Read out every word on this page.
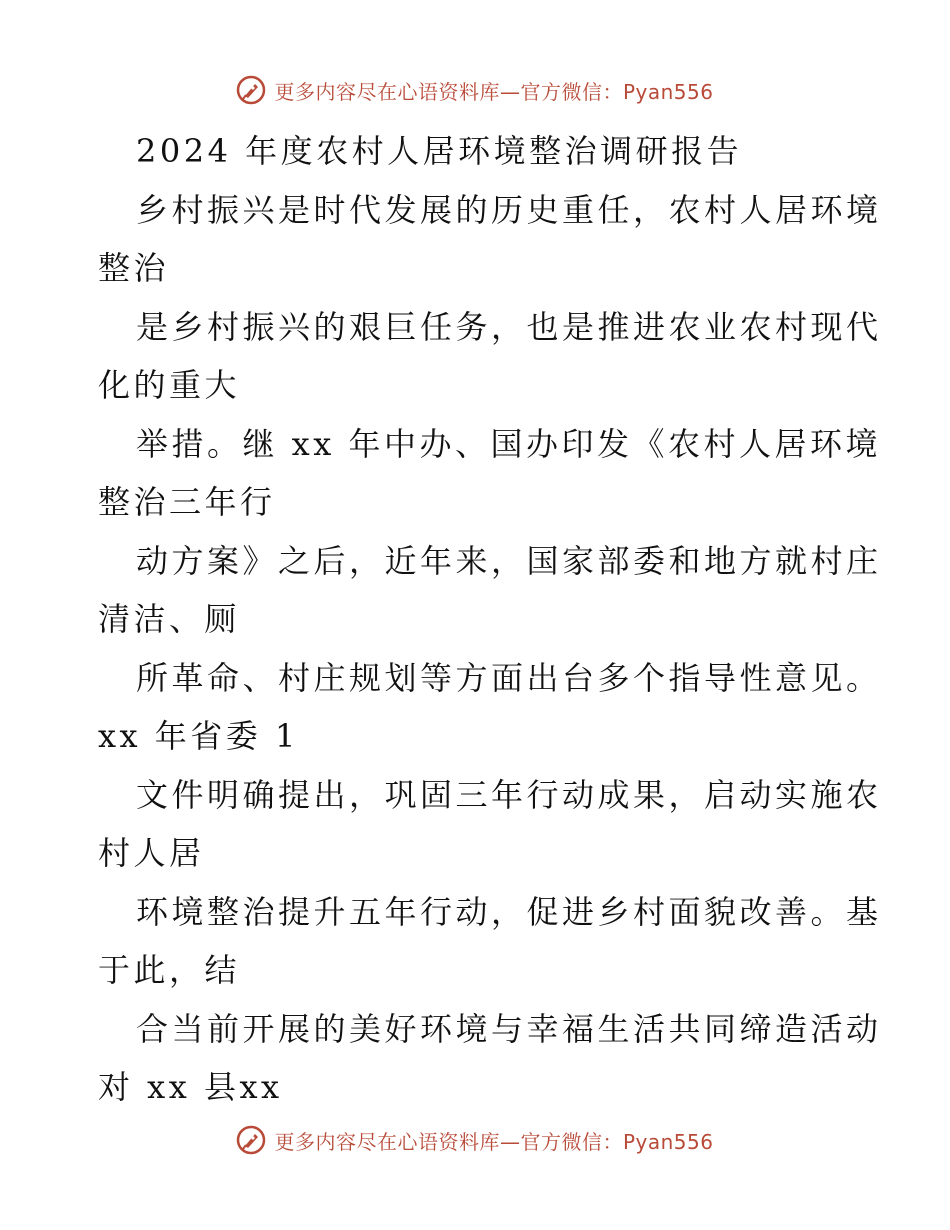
更多内容尽在心语资料库—官方微信：Pyan556
2024 年度农村人居环境整治调研报告
乡村振兴是时代发展的历史重任，农村人居环境
整治
是乡村振兴的艰巨任务，也是推进农业农村现代
化的重大
举措。继 xx 年中办、国办印发《农村人居环境
整治三年行
动方案》之后，近年来，国家部委和地方就村庄
清洁、厕
所革命、村庄规划等方面出台多个指导性意见。
xx 年省委 1
文件明确提出，巩固三年行动成果，启动实施农
村人居
环境整治提升五年行动，促进乡村面貌改善。基
于此，结
合当前开展的美好环境与幸福生活共同缔造活动
对 xx 县xx
更多内容尽在心语资料库—官方微信：Pyan556
